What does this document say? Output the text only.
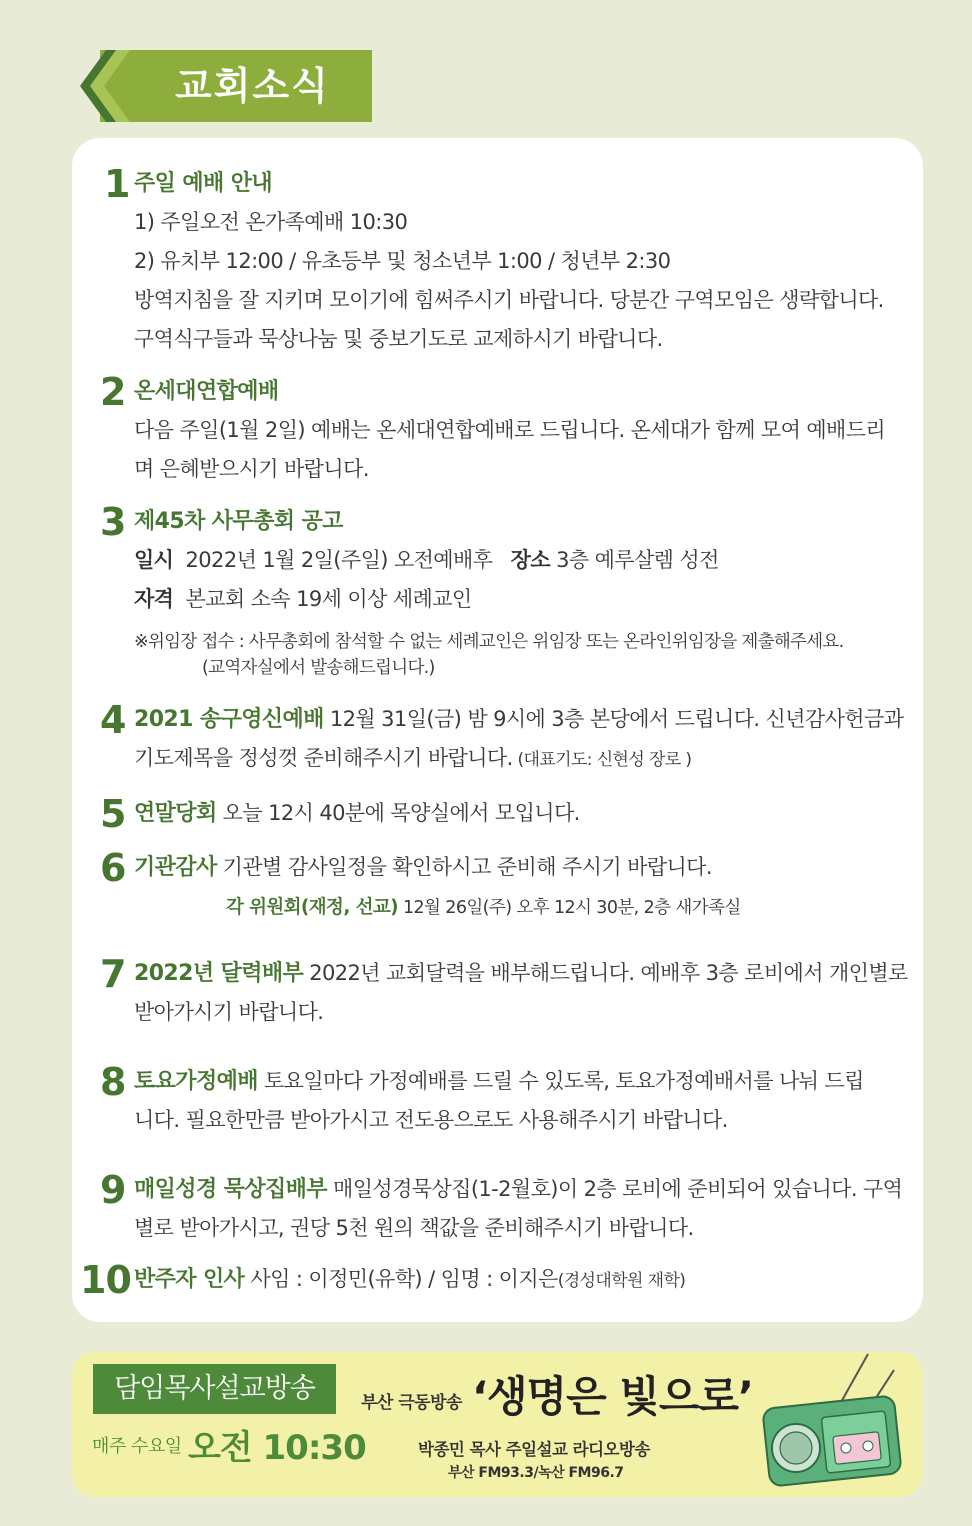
교회소식
1 주일 예배 안내
1) 주일오전 온가족예배 10:30
2) 유치부 12:00 / 유초등부 및 청소년부 1:00 / 청년부 2:30
방역지침을 잘 지키며 모이기에 힘써주시기 바랍니다. 당분간 구역모임은 생략합니다.
구역식구들과 묵상나눔 및 중보기도로 교제하시기 바랍니다.
2 온세대연합예배
다음 주일(1월 2일) 예배는 온세대연합예배로 드립니다. 온세대가 함께 모여 예배드리
며 은혜받으시기 바랍니다.
3 제45차 사무총회 공고
일시 2022년 1월 2일(주일) 오전예배후 장소 3층 예루살렘 성전
자격 본교회 소속 19세 이상 세례교인
※위임장 접수 : 사무총회에 참석할 수 없는 세례교인은 위임장 또는 온라인위임장을 제출해주세요.
(교역자실에서 발송해드립니다.)
4 2021 송구영신예배 12월 31일(금) 밤 9시에 3층 본당에서 드립니다. 신년감사헌금과
기도제목을 정성껏 준비해주시기 바랍니다. (대표기도: 신현성 장로 )
5 연말당회 오늘 12시 40분에 목양실에서 모입니다.
6 기관감사 기관별 감사일정을 확인하시고 준비해 주시기 바랍니다.
각 위원회(재정, 선교) 12월 26일(주) 오후 12시 30분, 2층 새가족실
7 2022년 달력배부 2022년 교회달력을 배부해드립니다. 예배후 3층 로비에서 개인별로
받아가시기 바랍니다.
8 토요가정예배 토요일마다 가정예배를 드릴 수 있도록, 토요가정예배서를 나눠 드립
니다. 필요한만큼 받아가시고 전도용으로도 사용해주시기 바랍니다.
9 매일성경 묵상집배부 매일성경묵상집(1-2월호)이 2층 로비에 준비되어 있습니다. 구역
별로 받아가시고, 권당 5천 원의 책값을 준비해주시기 바랍니다.
10 반주자 인사 사임 : 이정민(유학) / 임명 : 이지은(경성대학원 재학)
담임목사설교방송
매주 수요일 오전 10:30
부산 극동방송 ‘생명은 빛으로’
박종민 목사 주일설교 라디오방송
부산 FM93.3/녹산 FM96.7
